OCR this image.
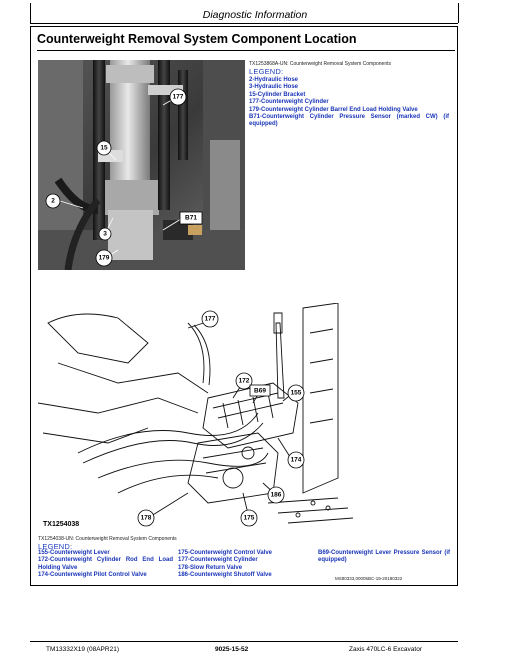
Diagnostic Information
Counterweight Removal System Component Location
177
15
2
3
B71
179
TX1253868A-UN: Counterweight Removal System Components
LEGEND:
2-Hydraulic Hose
3-Hydraulic Hose
15-Cylinder Bracket
177-Counterweight Cylinder
179-Counterweight Cylinder Barrel End Load Holding Valve
B71-Counterweight Cylinder Pressure Sensor (marked CW) (if equipped)
177
172
B69	155
174
186
178	175
TX1254038
TX1254038-UN: Counterweight Removal System Components
LEGEND:
155-Counterweight Lever
172-Counterweight Cylinder Rod End Load Holding Valve
174-Counterweight Pilot Control Valve
175-Counterweight Control Valve
177-Counterweight Cylinder
178-Slow Return Valve
186-Counterweight Shutoff Valve
B69-Counterweight Lever Pressure Sensor (if equipped)
MS80333,00005BC-19-20180322
TM13332X19 (08APR21)	9025-15-52	Zaxis 470LC-6 Excavator
